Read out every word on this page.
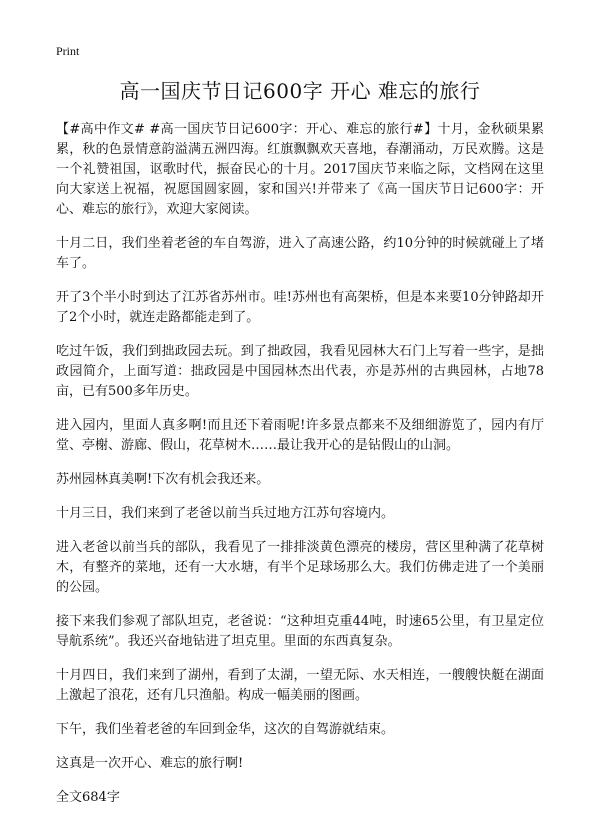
Print
高一国庆节日记600字 开心 难忘的旅行

【#高中作文# #高一国庆节日记600字：开心、难忘的旅行#】十月，金秋硕果累累，秋的色景情意韵溢满五洲四海。红旗飘飘欢天喜地，春潮涌动，万民欢腾。这是一个礼赞祖国，讴歌时代，振奋民心的十月。2017国庆节来临之际，文档网在这里向大家送上祝福，祝愿国圆家圆，家和国兴!并带来了《高一国庆节日记600字：开心、难忘的旅行》，欢迎大家阅读。

十月二日，我们坐着老爸的车自驾游，进入了高速公路，约10分钟的时候就碰上了堵车了。

开了3个半小时到达了江苏省苏州市。哇!苏州也有高架桥，但是本来要10分钟路却开了2个小时，就连走路都能走到了。

吃过午饭，我们到拙政园去玩。到了拙政园，我看见园林大石门上写着一些字，是拙政园简介，上面写道：拙政园是中国园林杰出代表，亦是苏州的古典园林，占地78亩，已有500多年历史。

进入园内，里面人真多啊!而且还下着雨呢!许多景点都来不及细细游览了，园内有厅堂、亭榭、游廊、假山，花草树木……最让我开心的是钻假山的山洞。

苏州园林真美啊!下次有机会我还来。

十月三日，我们来到了老爸以前当兵过地方江苏句容境内。

进入老爸以前当兵的部队，我看见了一排排淡黄色漂亮的楼房，营区里种满了花草树木，有整齐的菜地，还有一大水塘，有半个足球场那么大。我们仿佛走进了一个美丽的公园。

接下来我们参观了部队坦克，老爸说：“这种坦克重44吨，时速65公里，有卫星定位导航系统”。我还兴奋地钻进了坦克里。里面的东西真复杂。

十月四日，我们来到了湖州，看到了太湖，一望无际、水天相连，一艘艘快艇在湖面上激起了浪花，还有几只渔船。构成一幅美丽的图画。

下午，我们坐着老爸的车回到金华，这次的自驾游就结束。

这真是一次开心、难忘的旅行啊!

全文684字
